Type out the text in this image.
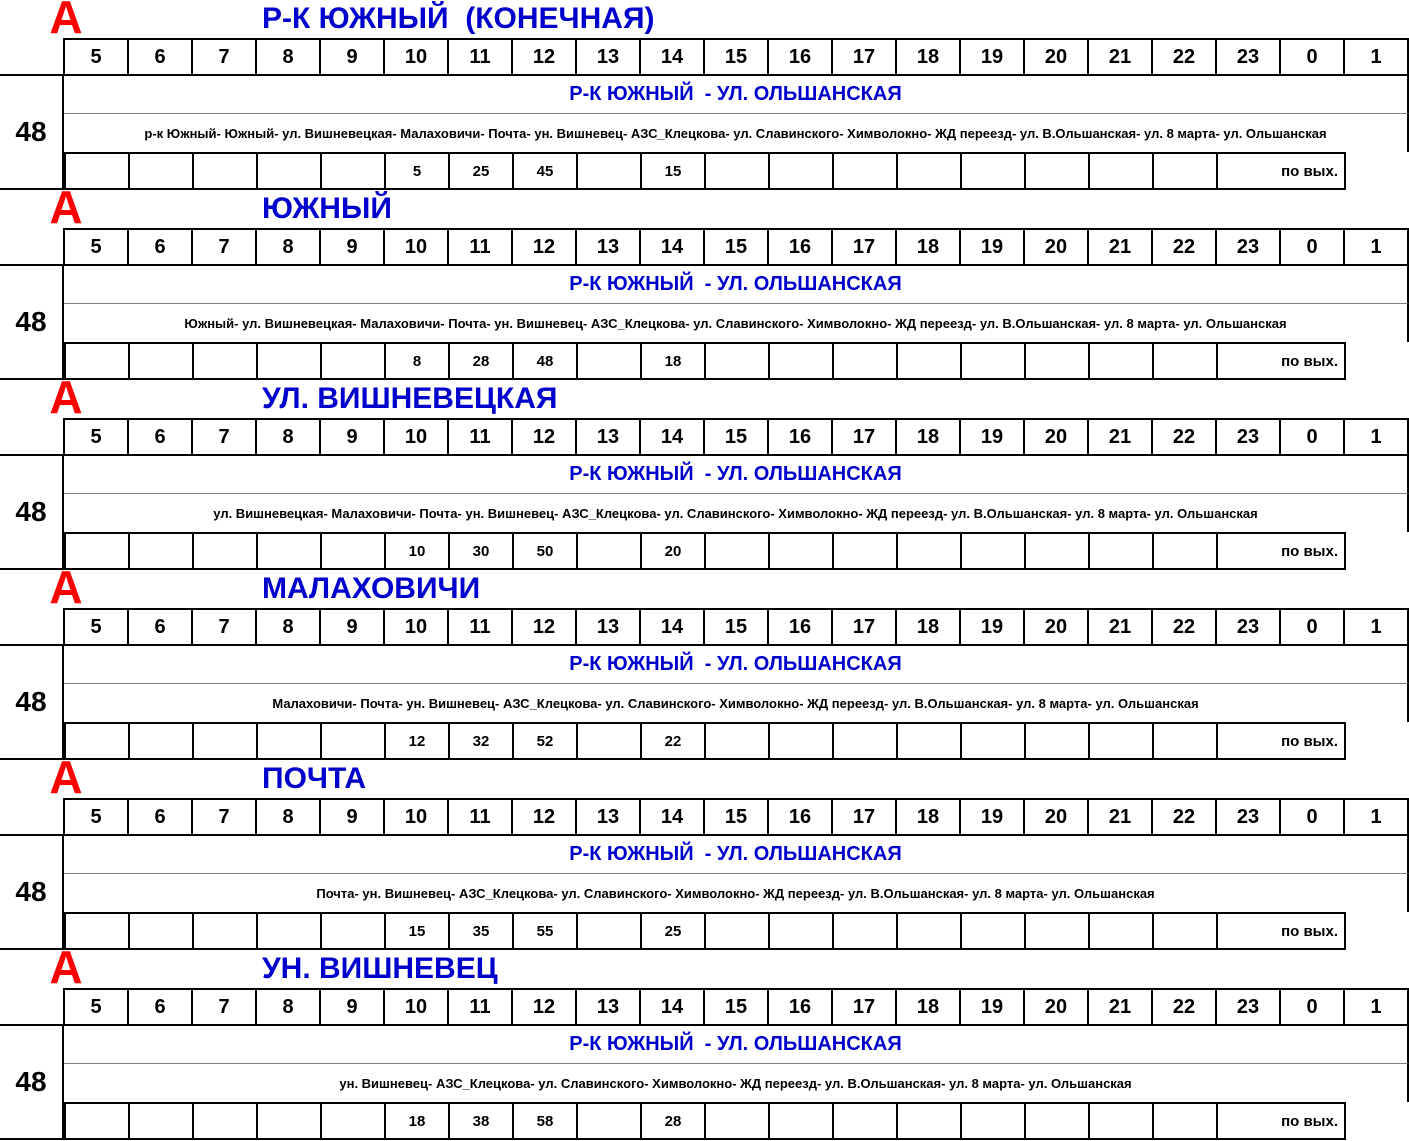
A	Р-К ЮЖНЫЙ  (КОНЕЧНАЯ)
	5	6	7	8	9	10	11	12	13	14	15	16	17	18	19	20	21	22	23	0	1
48
Р-К ЮЖНЫЙ  - УЛ. ОЛЬШАНСКАЯ
р-к Южный- Южный- ул. Вишневецкая- Малаховичи- Почта- ун. Вишневец- АЗС_Клецкова- ул. Славинского- Химволокно- ЖД переезд- ул. В.Ольшанская- ул. 8 марта- ул. Ольшанская
					5	25	45		15									по вых.
A	ЮЖНЫЙ
	5	6	7	8	9	10	11	12	13	14	15	16	17	18	19	20	21	22	23	0	1
48
Р-К ЮЖНЫЙ  - УЛ. ОЛЬШАНСКАЯ
Южный- ул. Вишневецкая- Малаховичи- Почта- ун. Вишневец- АЗС_Клецкова- ул. Славинского- Химволокно- ЖД переезд- ул. В.Ольшанская- ул. 8 марта- ул. Ольшанская
					8	28	48		18									по вых.
A	УЛ. ВИШНЕВЕЦКАЯ
	5	6	7	8	9	10	11	12	13	14	15	16	17	18	19	20	21	22	23	0	1
48
Р-К ЮЖНЫЙ  - УЛ. ОЛЬШАНСКАЯ
ул. Вишневецкая- Малаховичи- Почта- ун. Вишневец- АЗС_Клецкова- ул. Славинского- Химволокно- ЖД переезд- ул. В.Ольшанская- ул. 8 марта- ул. Ольшанская
					10	30	50		20									по вых.
A	МАЛАХОВИЧИ
	5	6	7	8	9	10	11	12	13	14	15	16	17	18	19	20	21	22	23	0	1
48
Р-К ЮЖНЫЙ  - УЛ. ОЛЬШАНСКАЯ
Малаховичи- Почта- ун. Вишневец- АЗС_Клецкова- ул. Славинского- Химволокно- ЖД переезд- ул. В.Ольшанская- ул. 8 марта- ул. Ольшанская
					12	32	52		22									по вых.
A	ПОЧТА
	5	6	7	8	9	10	11	12	13	14	15	16	17	18	19	20	21	22	23	0	1
48
Р-К ЮЖНЫЙ  - УЛ. ОЛЬШАНСКАЯ
Почта- ун. Вишневец- АЗС_Клецкова- ул. Славинского- Химволокно- ЖД переезд- ул. В.Ольшанская- ул. 8 марта- ул. Ольшанская
					15	35	55		25									по вых.
A	УН. ВИШНЕВЕЦ
	5	6	7	8	9	10	11	12	13	14	15	16	17	18	19	20	21	22	23	0	1
48
Р-К ЮЖНЫЙ  - УЛ. ОЛЬШАНСКАЯ
ун. Вишневец- АЗС_Клецкова- ул. Славинского- Химволокно- ЖД переезд- ул. В.Ольшанская- ул. 8 марта- ул. Ольшанская
					18	38	58		28									по вых.
